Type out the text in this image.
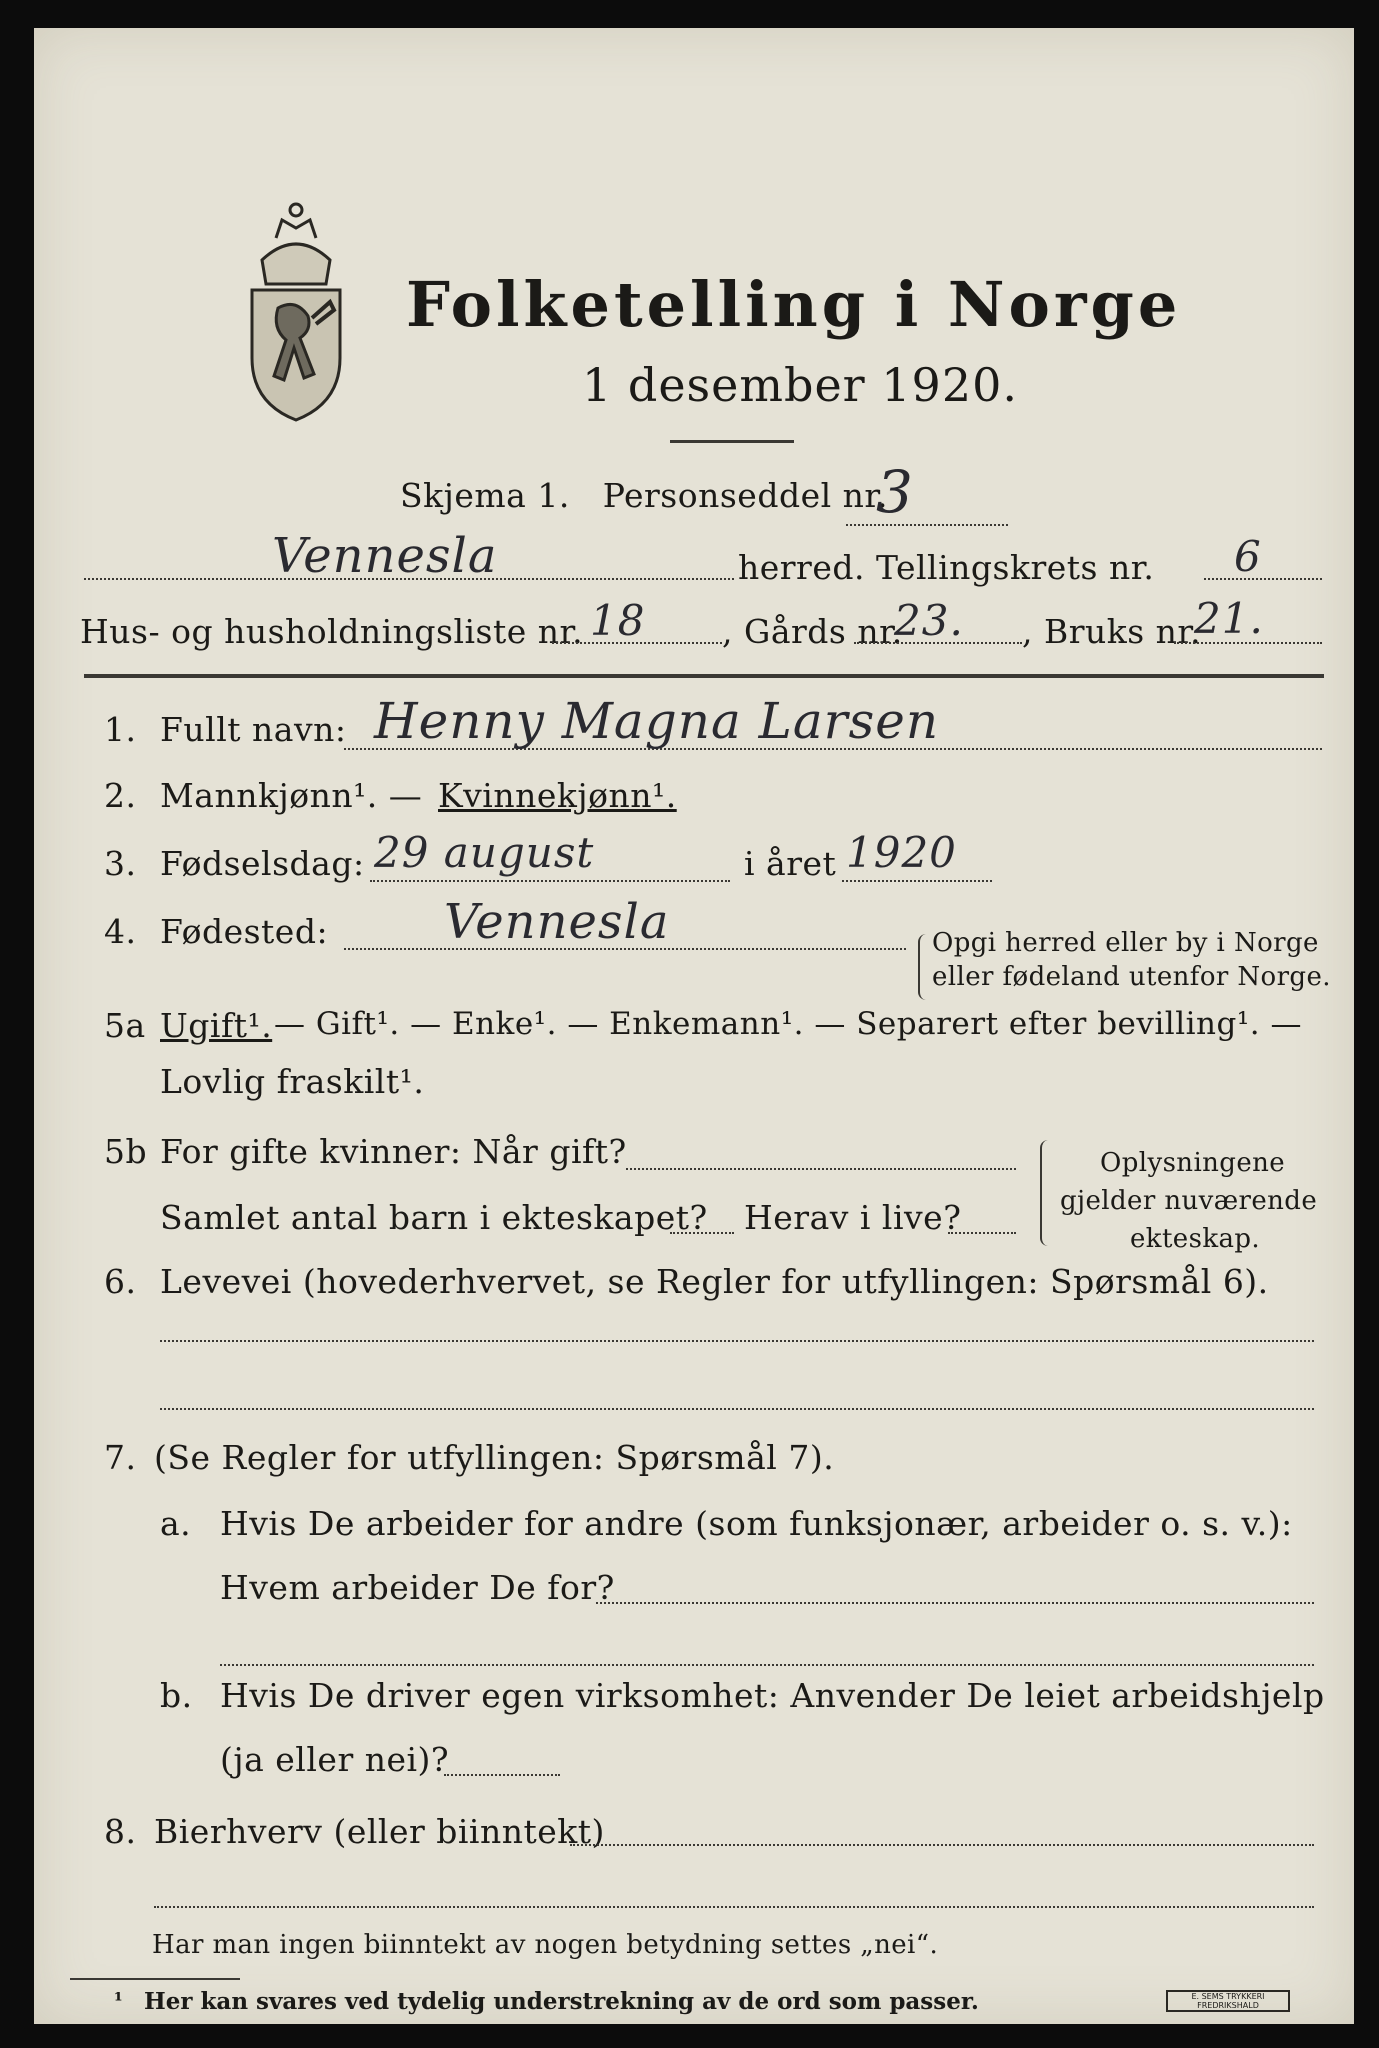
Folketelling i Norge
1 desember 1920.
Skjema 1.   Personseddel nr.
3
Vennesla	herred. Tellingskrets nr. 6
Hus- og husholdningsliste nr. 18 , Gårds nr.
23. , Bruks nr.
21.
1. Fullt navn: Henny Magna Larsen
2. Mannkjønn¹. — Kvinnekjønn¹.
3. Fødselsdag: 29 august	i året 1920
4. Fødested: Vennesla	Opgi herred eller by i Norge
eller fødeland utenfor Norge.
5a Ugift¹. — Gift¹. — Enke¹. — Enkemann¹. — Separert efter bevilling¹. —
Lovlig fraskilt¹.
5b For gifte kvinner: Når gift?
Samlet antal barn i ekteskapet? Herav i live?
Oplysningene
gjelder nuværende
ekteskap.
6. Levevei (hovederhvervet, se Regler for utfyllingen: Spørsmål 6).
7. (Se Regler for utfyllingen: Spørsmål 7).
a. Hvis De arbeider for andre (som funksjonær, arbeider o. s. v.):
Hvem arbeider De for?
b. Hvis De driver egen virksomhet: Anvender De leiet arbeidshjelp
(ja eller nei)?
8. Bierhverv (eller biinntekt)
Har man ingen biinntekt av nogen betydning settes „nei“.
¹ Her kan svares ved tydelig understrekning av de ord som passer.	E. SEMS TRYKKERI FREDRIKSHALD
